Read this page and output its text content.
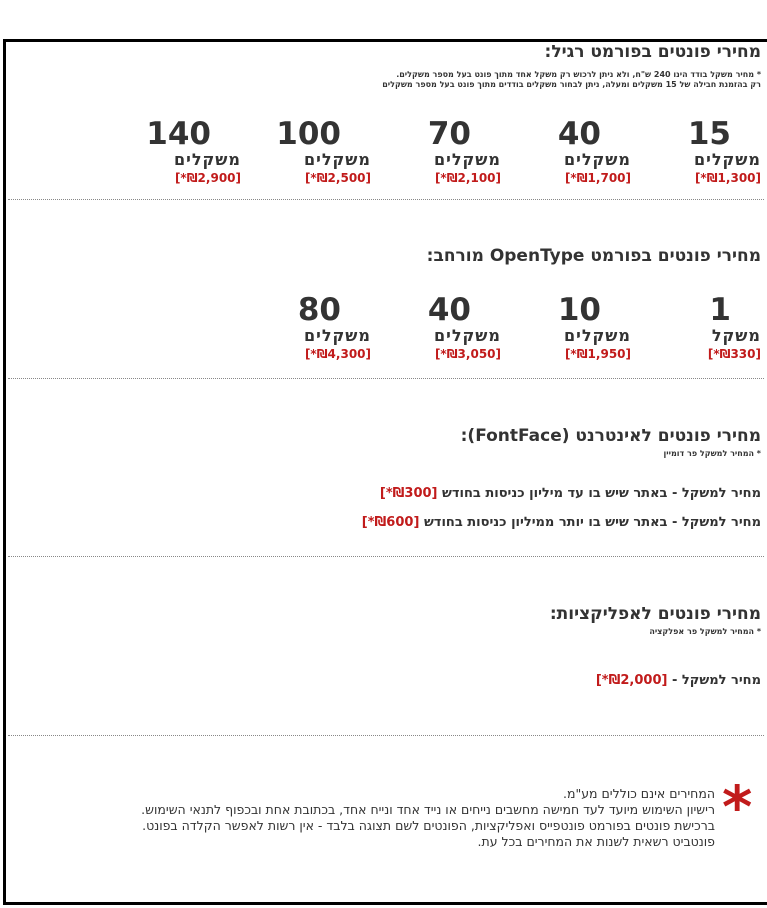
מחירי פונטים בפורמט רגיל:
* מחיר משקל בודד הינו 240 ש"ח, ולא ניתן לרכוש רק משקל אחד מתוך פונט בעל מספר משקלים.
רק בהזמנת חבילה של 15 משקלים ומעלה, ניתן לבחור משקלים בודדים מתוך פונט בעל מספר משקלים
15
משקלים
[₪1,300*]
40
משקלים
[₪1,700*]
70
משקלים
[₪2,100*]
100
משקלים
[₪2,500*]
140
משקלים
[₪2,900*]
מחירי פונטים בפורמט OpenType מורחב:
1
משקל
[₪330*]
10
משקלים
[₪1,950*]
40
משקלים
[₪3,050*]
80
משקלים
[₪4,300*]
מחירי פונטים לאינטרנט (FontFace):
* המחיר למשקל פר דומיין
מחיר למשקל - באתר שיש בו עד מיליון כניסות בחודש [₪300*]
מחיר למשקל - באתר שיש בו יותר ממיליון כניסות בחודש [₪600*]
מחירי פונטים לאפליקציות:
* המחיר למשקל פר אפלקציה
מחיר למשקל - [₪2,000*]
*
המחירים אינם כוללים מע"מ.
רישיון השימוש מיועד לעד חמישה מחשבים נייחים או נייד אחד ונייח אחד, בכתובת אחת ובכפוף לתנאי השימוש.
ברכישת פונטים בפורמט פונטפייס ואפליקציות, הפונטים לשם תצוגה בלבד - אין רשות לאפשר הקלדה בפונט.
פונטביט רשאית לשנות את המחירים בכל עת.
